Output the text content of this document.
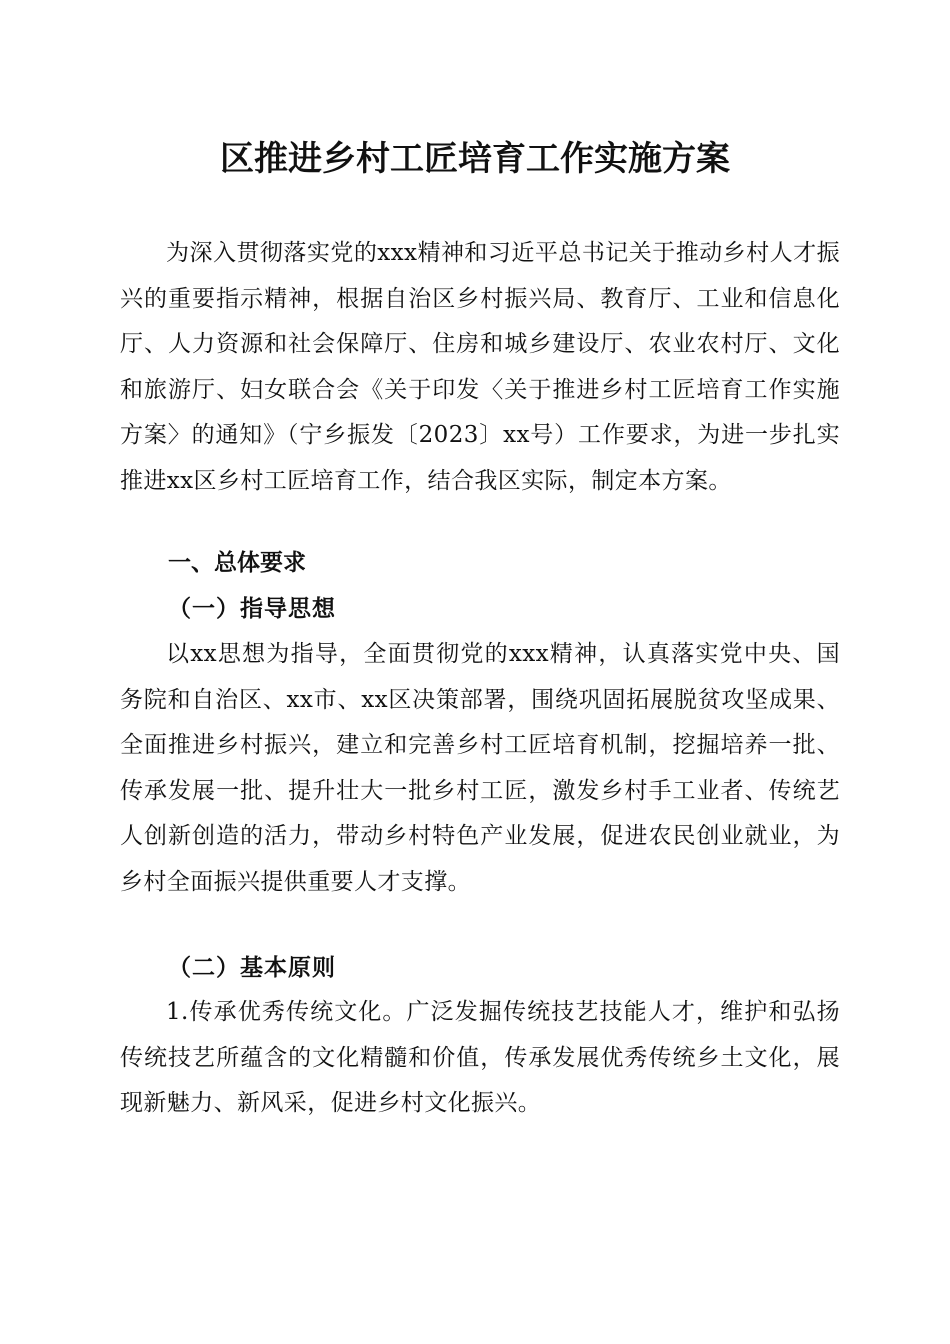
区推进乡村工匠培育工作实施方案

为深入贯彻落实党的xxx精神和习近平总书记关于推动乡村人才振兴的重要指示精神，根据自治区乡村振兴局、教育厅、工业和信息化厅、人力资源和社会保障厅、住房和城乡建设厅、农业农村厅、文化和旅游厅、妇女联合会《关于印发〈关于推进乡村工匠培育工作实施方案〉的通知》（宁乡振发〔2023〕xx号）工作要求，为进一步扎实推进xx区乡村工匠培育工作，结合我区实际，制定本方案。

一、总体要求
（一）指导思想

以xx思想为指导，全面贯彻党的xxx精神，认真落实党中央、国务院和自治区、xx市、xx区决策部署，围绕巩固拓展脱贫攻坚成果、全面推进乡村振兴，建立和完善乡村工匠培育机制，挖掘培养一批、传承发展一批、提升壮大一批乡村工匠，激发乡村手工业者、传统艺人创新创造的活力，带动乡村特色产业发展，促进农民创业就业，为乡村全面振兴提供重要人才支撑。

（二）基本原则

1.传承优秀传统文化。广泛发掘传统技艺技能人才，维护和弘扬传统技艺所蕴含的文化精髓和价值，传承发展优秀传统乡土文化，展现新魅力、新风采，促进乡村文化振兴。
